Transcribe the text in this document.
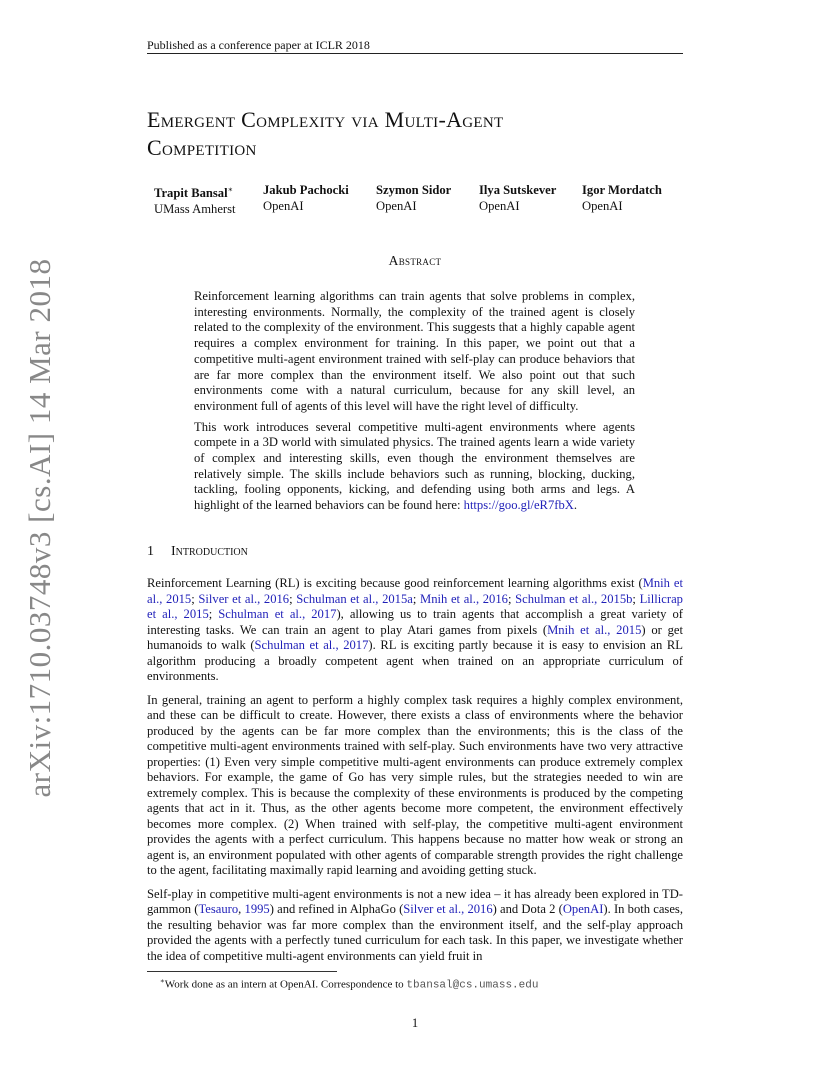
Published as a conference paper at ICLR 2018
Emergent Complexity via Multi-Agent
Competition
Trapit Bansal∗
UMass Amherst
Jakub Pachocki
OpenAI
Szymon Sidor
OpenAI
Ilya Sutskever
OpenAI
Igor Mordatch
OpenAI
Abstract

Reinforcement learning algorithms can train agents that solve problems in complex, interesting environments. Normally, the complexity of the trained agent is closely related to the complexity of the environment. This suggests that a highly capable agent requires a complex environment for training. In this paper, we point out that a competitive multi-agent environment trained with self-play can produce behaviors that are far more complex than the environment itself. We also point out that such environments come with a natural curriculum, because for any skill level, an environment full of agents of this level will have the right level of difficulty.

This work introduces several competitive multi-agent environments where agents compete in a 3D world with simulated physics. The trained agents learn a wide variety of complex and interesting skills, even though the environment themselves are relatively simple. The skills include behaviors such as running, blocking, ducking, tackling, fooling opponents, kicking, and defending using both arms and legs. A highlight of the learned behaviors can be found here: https://goo.gl/eR7fbX.

arXiv:1710.03748v3 [cs.AI] 14 Mar 2018	1 Introduction

Reinforcement Learning (RL) is exciting because good reinforcement learning algorithms exist (Mnih et al., 2015; Silver et al., 2016; Schulman et al., 2015a; Mnih et al., 2016; Schulman et al., 2015b; Lillicrap et al., 2015; Schulman et al., 2017), allowing us to train agents that accomplish a great variety of interesting tasks. We can train an agent to play Atari games from pixels (Mnih et al., 2015) or get humanoids to walk (Schulman et al., 2017). RL is exciting partly because it is easy to envision an RL algorithm producing a broadly competent agent when trained on an appropriate curriculum of environments.

In general, training an agent to perform a highly complex task requires a highly complex environment, and these can be difficult to create. However, there exists a class of environments where the behavior produced by the agents can be far more complex than the environments; this is the class of the competitive multi-agent environments trained with self-play. Such environments have two very attractive properties: (1) Even very simple competitive multi-agent environments can produce extremely complex behaviors. For example, the game of Go has very simple rules, but the strategies needed to win are extremely complex. This is because the complexity of these environments is produced by the competing agents that act in it. Thus, as the other agents become more competent, the environment effectively becomes more complex. (2) When trained with self-play, the competitive multi-agent environment provides the agents with a perfect curriculum. This happens because no matter how weak or strong an agent is, an environment populated with other agents of comparable strength provides the right challenge to the agent, facilitating maximally rapid learning and avoiding getting stuck.

Self-play in competitive multi-agent environments is not a new idea – it has already been explored in TD-gammon (Tesauro, 1995) and refined in AlphaGo (Silver et al., 2016) and Dota 2 (OpenAI). In both cases, the resulting behavior was far more complex than the environment itself, and the self-play approach provided the agents with a perfectly tuned curriculum for each task. In this paper, we investigate whether the idea of competitive multi-agent environments can yield fruit in

∗Work done as an intern at OpenAI. Correspondence to tbansal@cs.umass.edu
1
